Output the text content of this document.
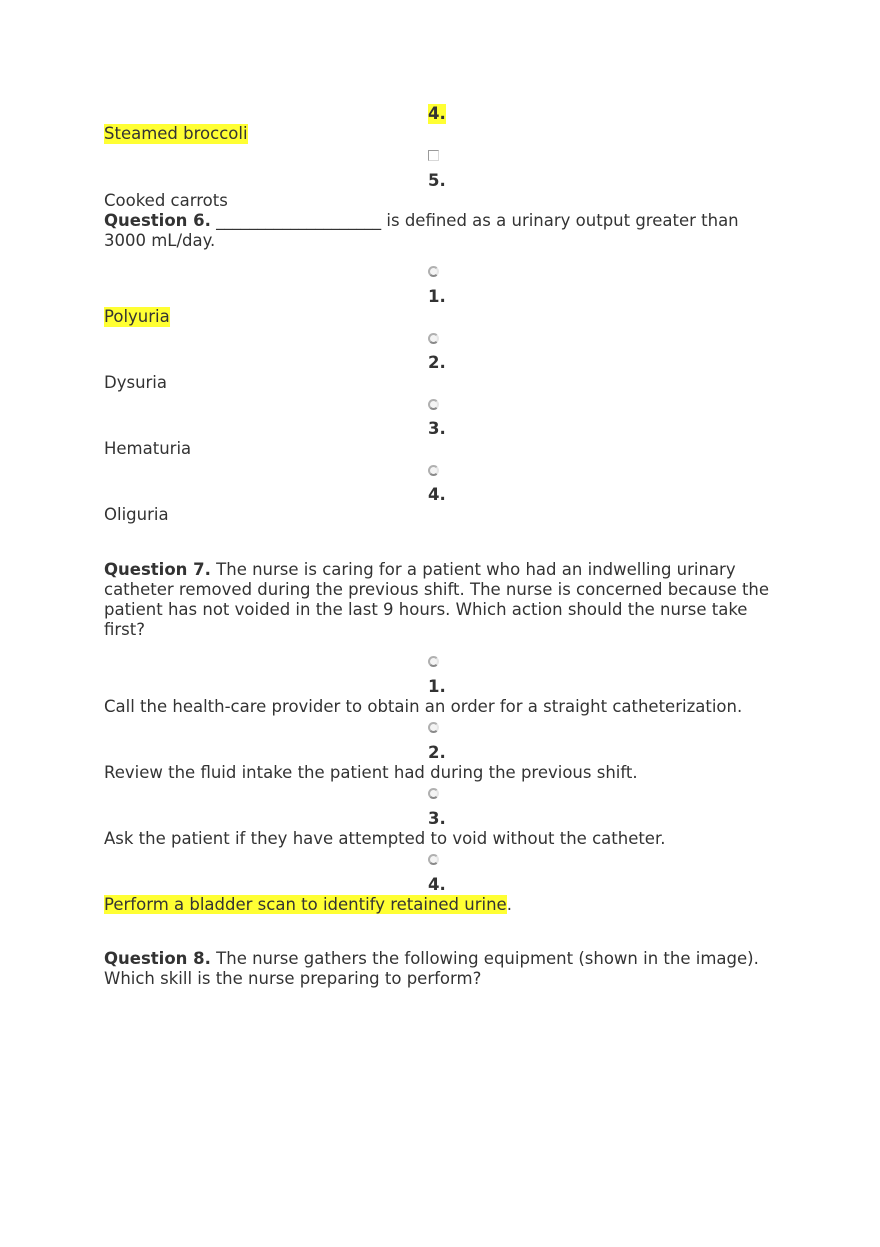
4.
Steamed broccoli
5.
Cooked carrots
Question 6. ____________________ is defined as a urinary output greater than 3000 mL/day.
1.
Polyuria
2.
Dysuria
3.
Hematuria
4.
Oliguria
Question 7. The nurse is caring for a patient who had an indwelling urinary catheter removed during the previous shift. The nurse is concerned because the patient has not voided in the last 9 hours. Which action should the nurse take first?
1.
Call the health-care provider to obtain an order for a straight catheterization.
2.
Review the fluid intake the patient had during the previous shift.
3.
Ask the patient if they have attempted to void without the catheter.
4.
Perform a bladder scan to identify retained urine.
Question 8. The nurse gathers the following equipment (shown in the image). Which skill is the nurse preparing to perform?
